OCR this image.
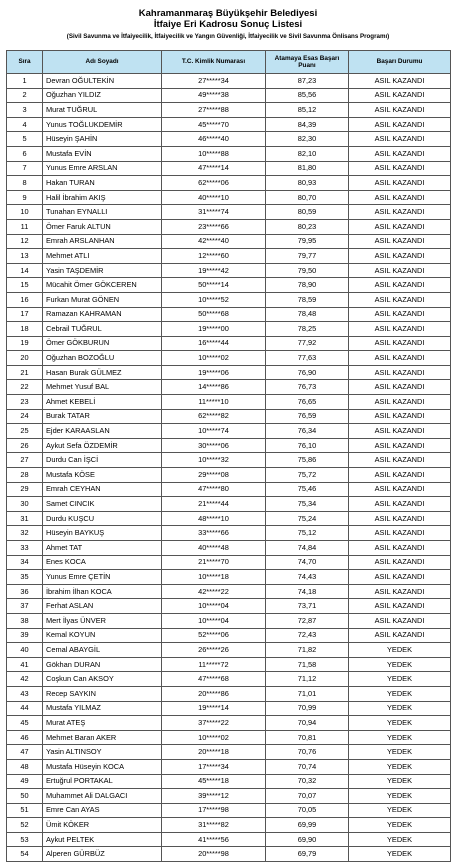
Kahramanmaraş Büyükşehir Belediyesi
İtfaiye Eri Kadrosu Sonuç Listesi
(Sivil Savunma ve İtfaiyecilik, İtfaiyecilik ve Yangın Güvenliği, İtfaiyecilik ve Sivil Savunma Önlisans Programı)
Sıra	Adı Soyadı	T.C. Kimlik Numarası	Atamaya Esas Başarı Puanı	Başarı Durumu
1	Devran OĞULTEKİN	27*****34	87,23	ASIL KAZANDI
2	Oğuzhan YILDIZ	49*****38	85,56	ASIL KAZANDI
3	Murat TUĞRUL	27*****88	85,12	ASIL KAZANDI
4	Yunus TOĞLUKDEMİR	45*****70	84,39	ASIL KAZANDI
5	Hüseyin ŞAHİN	46*****40	82,30	ASIL KAZANDI
6	Mustafa EVİN	10*****88	82,10	ASIL KAZANDI
7	Yunus Emre ARSLAN	47*****14	81,80	ASIL KAZANDI
8	Hakan TURAN	62*****06	80,93	ASIL KAZANDI
9	Halil İbrahim AKIŞ	40*****10	80,70	ASIL KAZANDI
10	Tunahan EYNALLI	31*****74	80,59	ASIL KAZANDI
11	Ömer Faruk ALTUN	23*****66	80,23	ASIL KAZANDI
12	Emrah ARSLANHAN	42*****40	79,95	ASIL KAZANDI
13	Mehmet ATLI	12*****60	79,77	ASIL KAZANDI
14	Yasin TAŞDEMİR	19*****42	79,50	ASIL KAZANDI
15	Mücahit Ömer GÖKCEREN	50*****14	78,90	ASIL KAZANDI
16	Furkan Murat GÖNEN	10*****52	78,59	ASIL KAZANDI
17	Ramazan KAHRAMAN	50*****68	78,48	ASIL KAZANDI
18	Cebrail TUĞRUL	19*****00	78,25	ASIL KAZANDI
19	Ömer GÖKBURUN	16*****44	77,92	ASIL KAZANDI
20	Oğuzhan BOZOĞLU	10*****02	77,63	ASIL KAZANDI
21	Hasan Burak GÜLMEZ	19*****06	76,90	ASIL KAZANDI
22	Mehmet Yusuf BAL	14*****86	76,73	ASIL KAZANDI
23	Ahmet KEBELİ	11*****10	76,65	ASIL KAZANDI
24	Burak TATAR	62*****82	76,59	ASIL KAZANDI
25	Ejder KARAASLAN	10*****74	76,34	ASIL KAZANDI
26	Aykut Sefa ÖZDEMİR	30*****06	76,10	ASIL KAZANDI
27	Durdu Can İŞCİ	10*****32	75,86	ASIL KAZANDI
28	Mustafa KÖSE	29*****08	75,72	ASIL KAZANDI
29	Emrah CEYHAN	47*****80	75,46	ASIL KAZANDI
30	Samet CINCIK	21*****44	75,34	ASIL KAZANDI
31	Durdu KUŞCU	48*****10	75,24	ASIL KAZANDI
32	Hüseyin BAYKUŞ	33*****66	75,12	ASIL KAZANDI
33	Ahmet TAT	40*****48	74,84	ASIL KAZANDI
34	Enes KOCA	21*****70	74,70	ASIL KAZANDI
35	Yunus Emre ÇETİN	10*****18	74,43	ASIL KAZANDI
36	İbrahim İlhan KOCA	42*****22	74,18	ASIL KAZANDI
37	Ferhat ASLAN	10*****04	73,71	ASIL KAZANDI
38	Mert İlyas ÜNVER	10*****04	72,87	ASIL KAZANDI
39	Kemal KOYUN	52*****06	72,43	ASIL KAZANDI
40	Cemal ABAYGİL	26*****26	71,82	YEDEK
41	Gökhan DURAN	11*****72	71,58	YEDEK
42	Coşkun Can AKSOY	47*****68	71,12	YEDEK
43	Recep SAYKIN	20*****86	71,01	YEDEK
44	Mustafa YILMAZ	19*****14	70,99	YEDEK
45	Murat ATEŞ	37*****22	70,94	YEDEK
46	Mehmet Baran AKER	10*****02	70,81	YEDEK
47	Yasin ALTINSOY	20*****18	70,76	YEDEK
48	Mustafa Hüseyin KOCA	17*****34	70,74	YEDEK
49	Ertuğrul PORTAKAL	45*****18	70,32	YEDEK
50	Muhammet Ali DALGACI	39*****12	70,07	YEDEK
51	Emre Can AYAS	17*****98	70,05	YEDEK
52	Ümit KÖKER	31*****82	69,99	YEDEK
53	Aykut PELTEK	41*****56	69,90	YEDEK
54	Alperen GÜRBÜZ	20*****98	69,79	YEDEK
